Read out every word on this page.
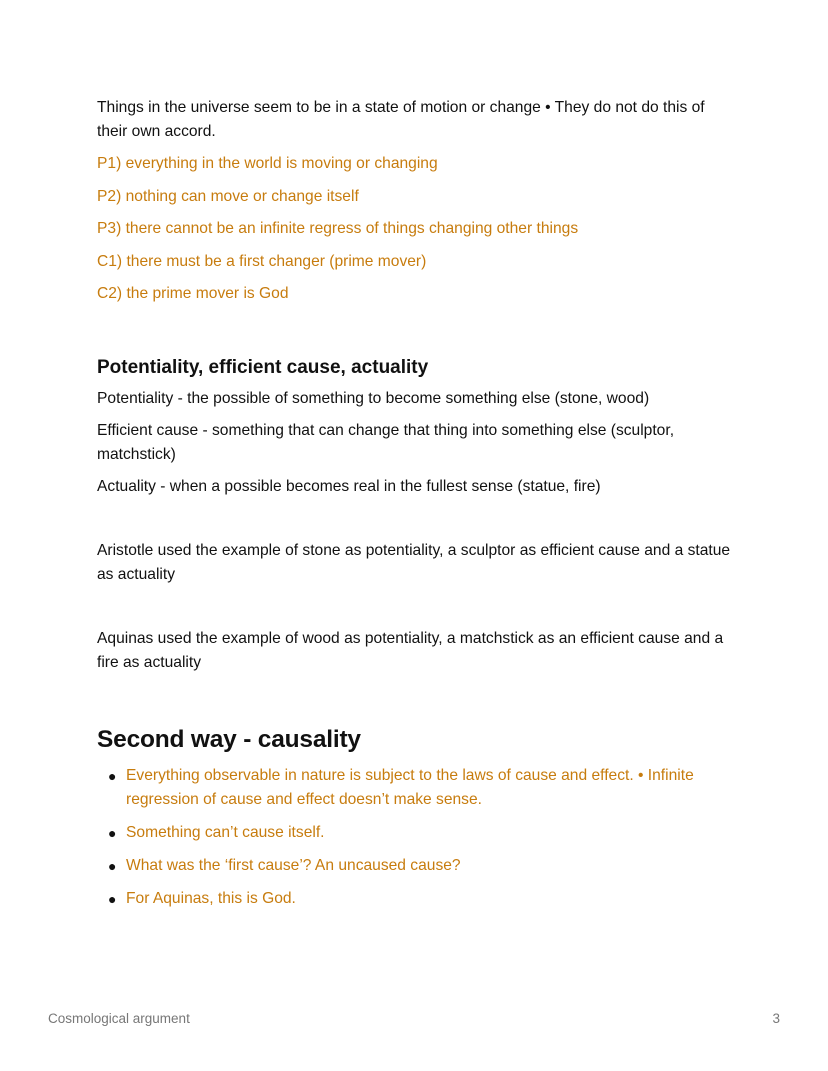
Things in the universe seem to be in a state of motion or change • They do not do this of their own accord.

P1) everything in the world is moving or changing

P2) nothing can move or change itself

P3) there cannot be an infinite regress of things changing other things

C1) there must be a first changer (prime mover)

C2) the prime mover is God

Potentiality, efficient cause, actuality

Potentiality - the possible of something to become something else (stone, wood)

Efficient cause - something that can change that thing into something else (sculptor, matchstick)

Actuality - when a possible becomes real in the fullest sense (statue, fire)

Aristotle used the example of stone as potentiality, a sculptor as efficient cause and a statue as actuality

Aquinas used the example of wood as potentiality, a matchstick as an efficient cause and a fire as actuality

Second way - causality
● Everything observable in nature is subject to the laws of cause and effect. • Infinite regression of cause and effect doesn’t make sense.
● Something can’t cause itself.
● What was the ‘first cause’? An uncaused cause?
● For Aquinas, this is God.
Cosmological argument	3
